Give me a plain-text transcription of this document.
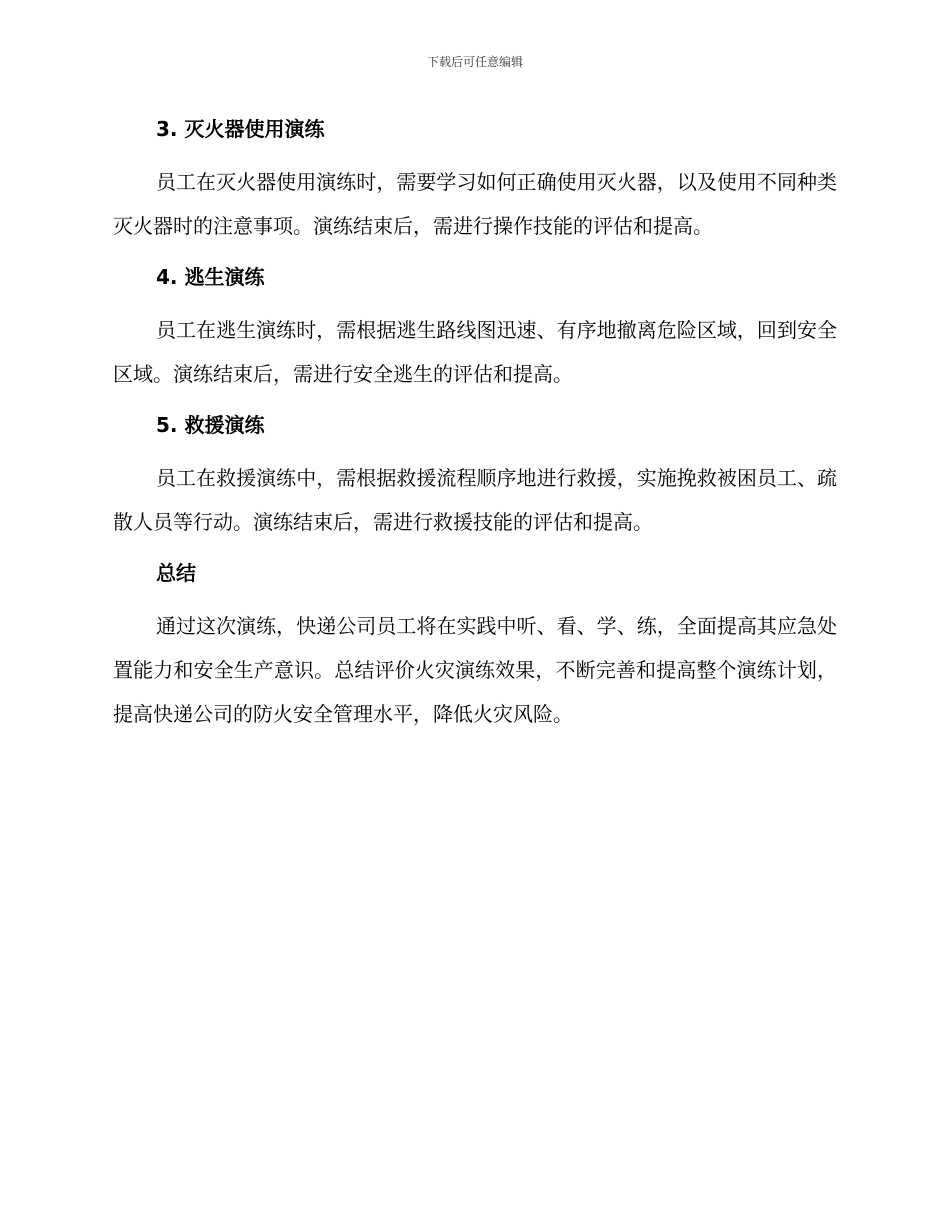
下载后可任意编辑
3. 灭火器使用演练

员工在灭火器使用演练时，需要学习如何正确使用灭火器，以及使用不同种类灭火器时的注意事项。演练结束后，需进行操作技能的评估和提高。

4. 逃生演练

员工在逃生演练时，需根据逃生路线图迅速、有序地撤离危险区域，回到安全区域。演练结束后，需进行安全逃生的评估和提高。

5. 救援演练

员工在救援演练中，需根据救援流程顺序地进行救援，实施挽救被困员工、疏散人员等行动。演练结束后，需进行救援技能的评估和提高。

总结

通过这次演练，快递公司员工将在实践中听、看、学、练，全面提高其应急处置能力和安全生产意识。总结评价火灾演练效果，不断完善和提高整个演练计划，提高快递公司的防火安全管理水平，降低火灾风险。
